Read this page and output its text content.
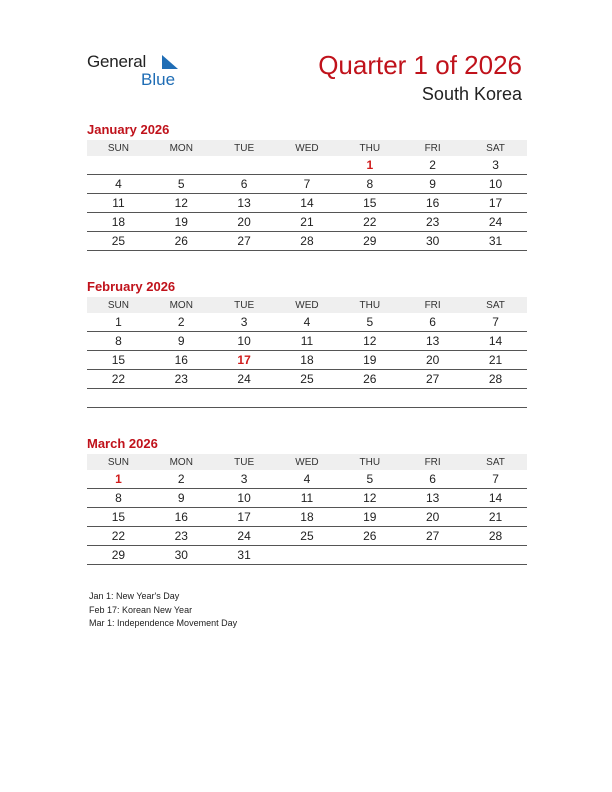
General
Blue	Quarter 1 of 2026
South Korea
January 2026
SUN	MON	TUE	WED	THU	FRI	SAT
				1	2	3
4	5	6	7	8	9	10
11	12	13	14	15	16	17
18	19	20	21	22	23	24
25	26	27	28	29	30	31
February 2026
SUN	MON	TUE	WED	THU	FRI	SAT
1	2	3	4	5	6	7
8	9	10	11	12	13	14
15	16	17	18	19	20	21
22	23	24	25	26	27	28

March 2026
SUN	MON	TUE	WED	THU	FRI	SAT
1	2	3	4	5	6	7
8	9	10	11	12	13	14
15	16	17	18	19	20	21
22	23	24	25	26	27	28
29	30	31				
Jan 1: New Year's Day
Feb 17: Korean New Year
Mar 1: Independence Movement Day
